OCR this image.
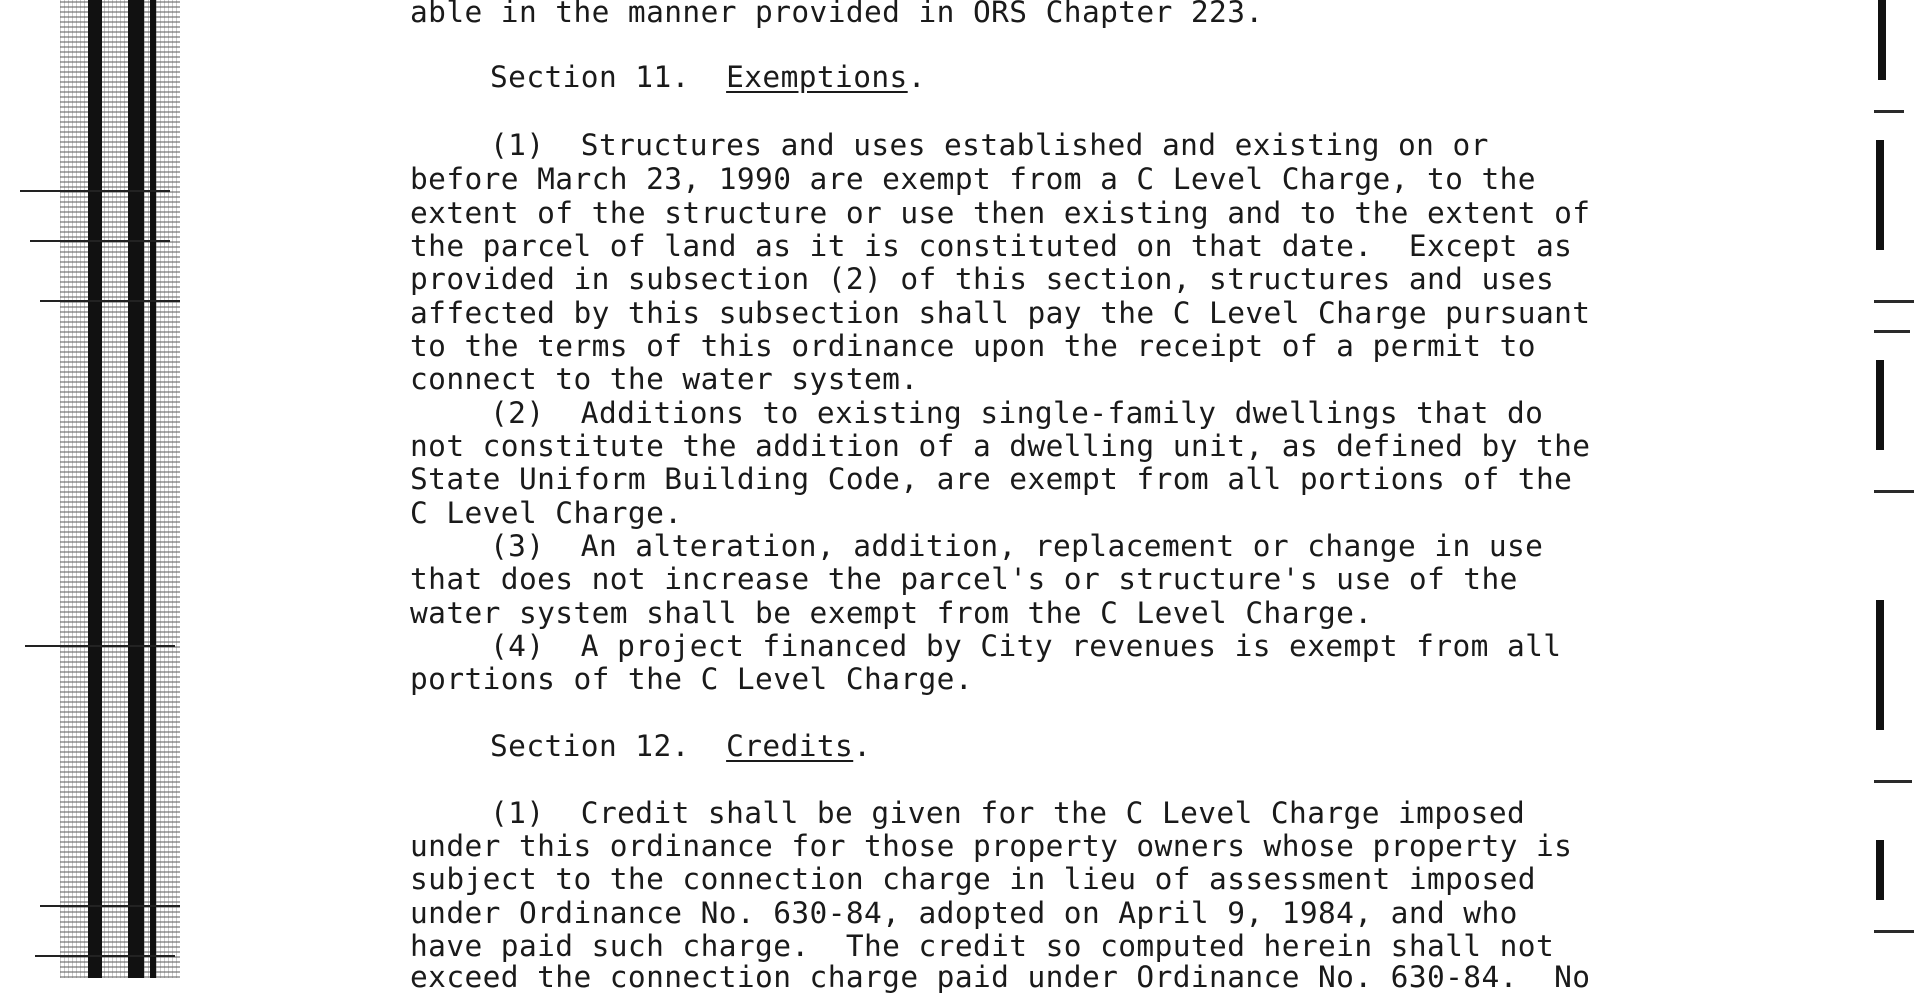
able in the manner provided in ORS Chapter 223.
Section 11.  Exemptions.
(1)  Structures and uses established and existing on or
before March 23, 1990 are exempt from a C Level Charge, to the
extent of the structure or use then existing and to the extent of
the parcel of land as it is constituted on that date.  Except as
provided in subsection (2) of this section, structures and uses
affected by this subsection shall pay the C Level Charge pursuant
to the terms of this ordinance upon the receipt of a permit to
connect to the water system.
(2)  Additions to existing single-family dwellings that do
not constitute the addition of a dwelling unit, as defined by the
State Uniform Building Code, are exempt from all portions of the
C Level Charge.
(3)  An alteration, addition, replacement or change in use
that does not increase the parcel's or structure's use of the
water system shall be exempt from the C Level Charge.
(4)  A project financed by City revenues is exempt from all
portions of the C Level Charge.
Section 12.  Credits.
(1)  Credit shall be given for the C Level Charge imposed
under this ordinance for those property owners whose property is
subject to the connection charge in lieu of assessment imposed
under Ordinance No. 630-84, adopted on April 9, 1984, and who
have paid such charge.  The credit so computed herein shall not
exceed the connection charge paid under Ordinance No. 630-84.  No
